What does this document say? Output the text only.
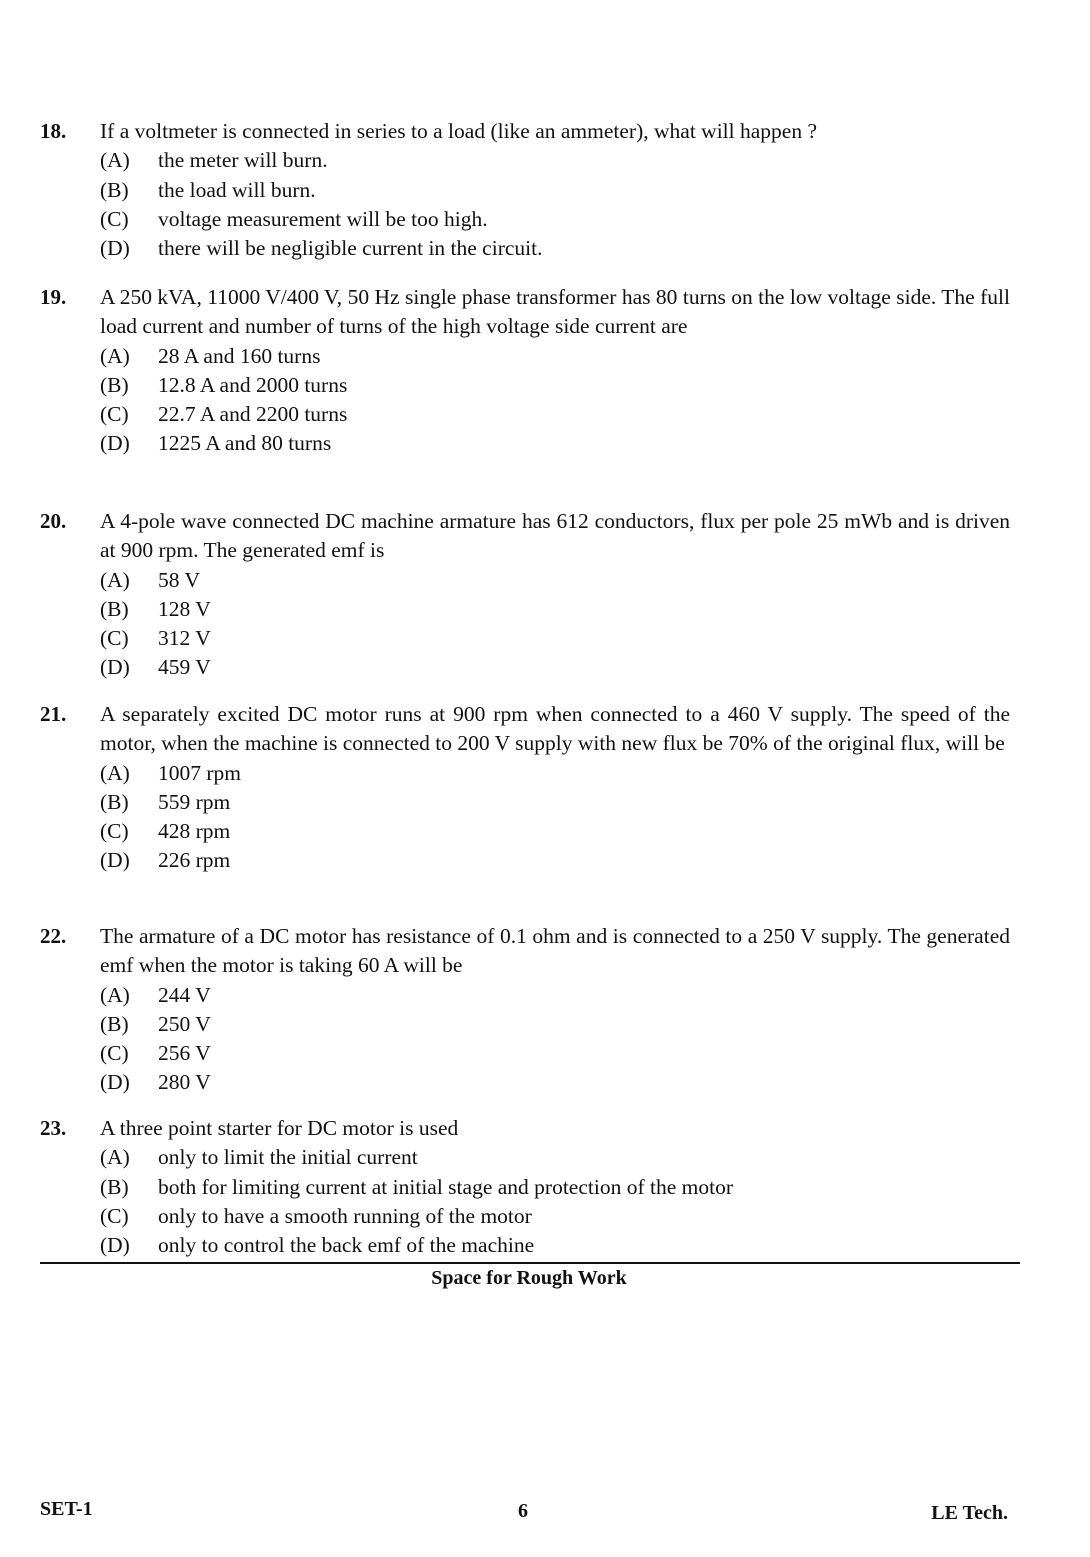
18.	If a voltmeter is connected in series to a load (like an ammeter), what will happen ?
(A)	the meter will burn.
(B)	the load will burn.
(C)	voltage measurement will be too high.
(D)	there will be negligible current in the circuit.
19.	A 250 kVA, 11000 V/400 V, 50 Hz single phase transformer has 80 turns on the low voltage side. The full load current and number of turns of the high voltage side current are
(A)	28 A and 160 turns
(B)	12.8 A and 2000 turns
(C)	22.7 A and 2200 turns
(D)	1225 A and 80 turns
20.	A 4-pole wave connected DC machine armature has 612 conductors, flux per pole 25 mWb and is driven at 900 rpm. The generated emf is
(A)	58 V
(B)	128 V
(C)	312 V
(D)	459 V
21.	A separately excited DC motor runs at 900 rpm when connected to a 460 V supply. The speed of the motor, when the machine is connected to 200 V supply with new flux be 70% of the original flux, will be
(A)	1007 rpm
(B)	559 rpm
(C)	428 rpm
(D)	226 rpm
22.	The armature of a DC motor has resistance of 0.1 ohm and is connected to a 250 V supply. The generated emf when the motor is taking 60 A will be
(A)	244 V
(B)	250 V
(C)	256 V
(D)	280 V
23.	A three point starter for DC motor is used
(A)	only to limit the initial current
(B)	both for limiting current at initial stage and protection of the motor
(C)	only to have a smooth running of the motor
(D)	only to control the back emf of the machine
Space for Rough Work
SET-1	6	LE Tech.
